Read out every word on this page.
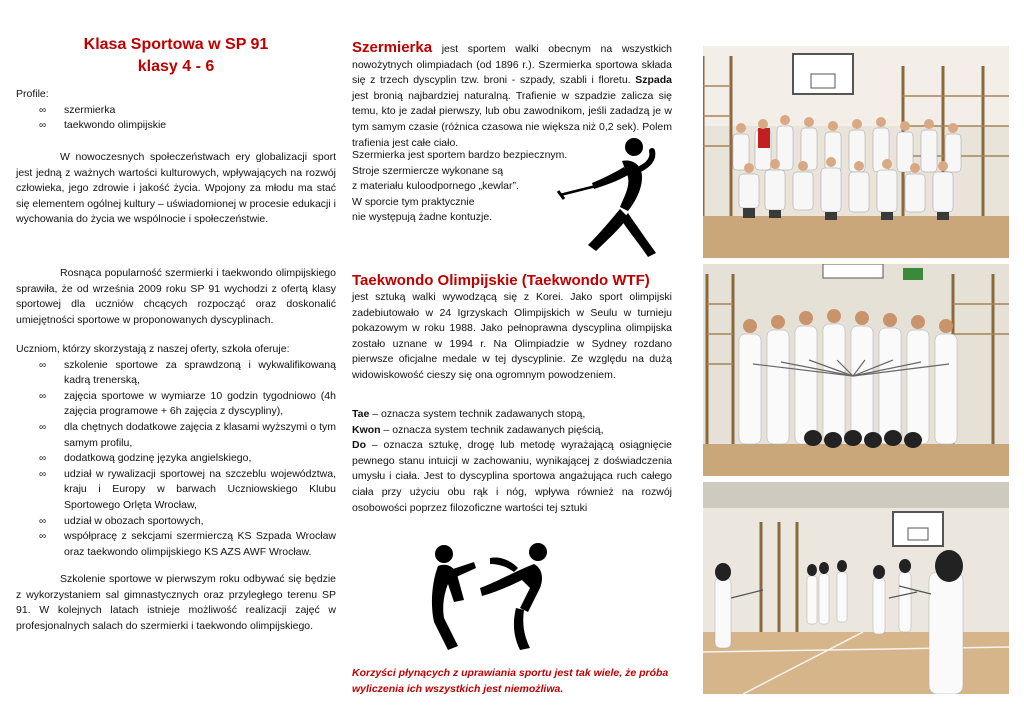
Klasa Sportowa w SP 91

klasy 4 - 6

Profile:

∞ szermierka
∞ taekwondo olimpijskie

W nowoczesnych społeczeństwach ery globalizacji sport jest jedną z ważnych wartości kulturowych, wpływających na rozwój człowieka, jego zdrowie i jakość życia. Wpojony za młodu ma stać się elementem ogólnej kultury – uświadomionej w procesie edukacji i wychowania do życia we wspólnocie i społeczeństwie.

Rosnąca popularność szermierki i taekwondo olimpijskiego sprawiła, że od września 2009 roku SP 91 wychodzi z ofertą klasy sportowej dla uczniów chcących rozpocząć oraz doskonalić umiejętności sportowe w proponowanych dyscyplinach.

Uczniom, którzy skorzystają z naszej oferty, szkoła oferuje:

∞ szkolenie sportowe za sprawdzoną i wykwalifikowaną kadrą trenerską,
∞ zajęcia sportowe w wymiarze 10 godzin tygodniowo (4h zajęcia programowe + 6h zajęcia z dyscypliny),
∞ dla chętnych dodatkowe zajęcia z klasami wyższymi o tym samym profilu,
∞ dodatkową godzinę języka angielskiego,
∞ udział w rywalizacji sportowej na szczeblu województwa, kraju i Europy w barwach Uczniowskiego Klubu Sportowego Orlęta Wrocław,
∞ udział w obozach sportowych,
∞ współpracę z sekcjami szermierczą KS Szpada Wrocław oraz taekwondo olimpijskiego KS AZS AWF Wrocław.

Szkolenie sportowe w pierwszym roku odbywać się będzie z wykorzystaniem sal gimnastycznych oraz przyległego terenu SP 91. W kolejnych latach istnieje możliwość realizacji zajęć w profesjonalnych salach do szermierki i taekwondo olimpijskiego.

Szermierka jest sportem walki obecnym na wszystkich nowożytnych olimpiadach (od 1896 r.). Szermierka sportowa składa się z trzech dyscyplin tzw. broni - szpady, szabli i floretu. Szpada jest bronią najbardziej naturalną. Trafienie w szpadzie zalicza się temu, kto je zadał pierwszy, lub obu zawodnikom, jeśli zadadzą je w tym samym czasie (różnica czasowa nie większa niż 0,2 sek). Polem trafienia jest całe ciało.

Szermierka jest sportem bardzo bezpiecznym.

Stroje szermiercze wykonane są

z materiału kuloodpornego „kewlar”.

W sporcie tym praktycznie

nie występują żadne kontuzje.

Taekwondo Olimpijskie (Taekwondo WTF)

jest sztuką walki wywodzącą się z Korei. Jako sport olimpijski zadebiutowało w 24 Igrzyskach Olimpijskich w Seulu w turnieju pokazowym w roku 1988. Jako pełnoprawna dyscyplina olimpijska zostało uznane w 1994 r. Na Olimpiadzie w Sydney rozdano pierwsze oficjalne medale w tej dyscyplinie. Ze względu na dużą widowiskowość cieszy się ona ogromnym powodzeniem.

Tae – oznacza system technik zadawanych stopą,

Kwon – oznacza system technik zadawanych pięścią,

Do – oznacza sztukę, drogę lub metodę wyrażającą osiągnięcie pewnego stanu intuicji w zachowaniu, wynikającej z doświadczenia umysłu i ciała. Jest to dyscyplina sportowa angażująca ruch całego ciała przy użyciu obu rąk i nóg, wpływa również na rozwój osobowości poprzez filozoficzne wartości tej sztuki

Korzyści płynących z uprawiania sportu jest tak wiele, że próba wyliczenia ich wszystkich jest niemożliwa.
